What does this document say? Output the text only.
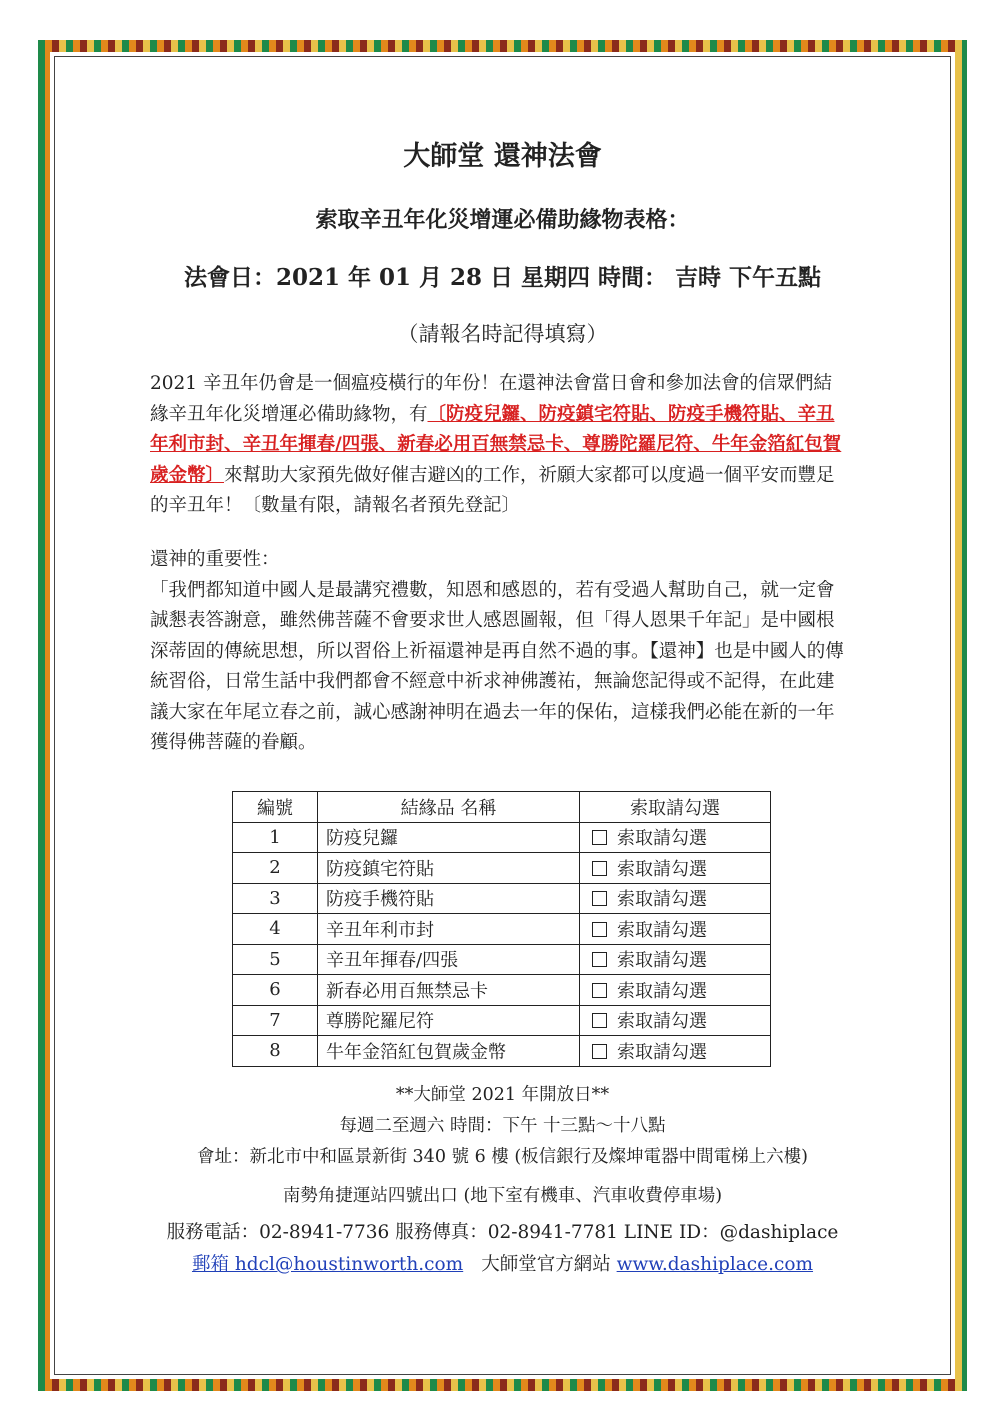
大師堂 還神法會
索取辛丑年化災增運必備助緣物表格：
法會日：2021 年 01 月 28 日 星期四 時間： 吉時 下午五點
（請報名時記得填寫）
2021 辛丑年仍會是一個瘟疫橫行的年份！在還神法會當日會和參加法會的信眾們結緣辛丑年化災增運必備助緣物，有〔防疫兒鑼、防疫鎮宅符貼、防疫手機符貼、辛丑年利市封、辛丑年揮春/四張、新春必用百無禁忌卡、尊勝陀羅尼符、牛年金箔紅包賀歲金幣〕來幫助大家預先做好催吉避凶的工作，祈願大家都可以度過一個平安而豐足的辛丑年！〔數量有限，請報名者預先登記〕
還神的重要性：
「我們都知道中國人是最講究禮數，知恩和感恩的，若有受過人幫助自己，就一定會誠懇表答謝意，雖然佛菩薩不會要求世人感恩圖報，但「得人恩果千年記」是中國根深蒂固的傳統思想，所以習俗上祈福還神是再自然不過的事。【還神】也是中國人的傳統習俗，日常生話中我們都會不經意中祈求神佛護祐，無論您記得或不記得，在此建議大家在年尾立春之前，誠心感謝神明在過去一年的保佑，這樣我們必能在新的一年獲得佛菩薩的眷顧。
編號	結緣品 名稱	索取請勾選
1	防疫兒鑼	索取請勾選
2	防疫鎮宅符貼	索取請勾選
3	防疫手機符貼	索取請勾選
4	辛丑年利市封	索取請勾選
5	辛丑年揮春/四張	索取請勾選
6	新春必用百無禁忌卡	索取請勾選
7	尊勝陀羅尼符	索取請勾選
8	牛年金箔紅包賀歲金幣	索取請勾選
**大師堂 2021 年開放日**
每週二至週六 時間：下午 十三點～十八點
會址：新北市中和區景新街 340 號 6 樓 (板信銀行及燦坤電器中間電梯上六樓)
南勢角捷運站四號出口 (地下室有機車、汽車收費停車場)
服務電話：02-8941-7736 服務傳真：02-8941-7781 LINE ID：@dashiplace
郵箱 hdcl@houstinworth.com 大師堂官方網站 www.dashiplace.com
